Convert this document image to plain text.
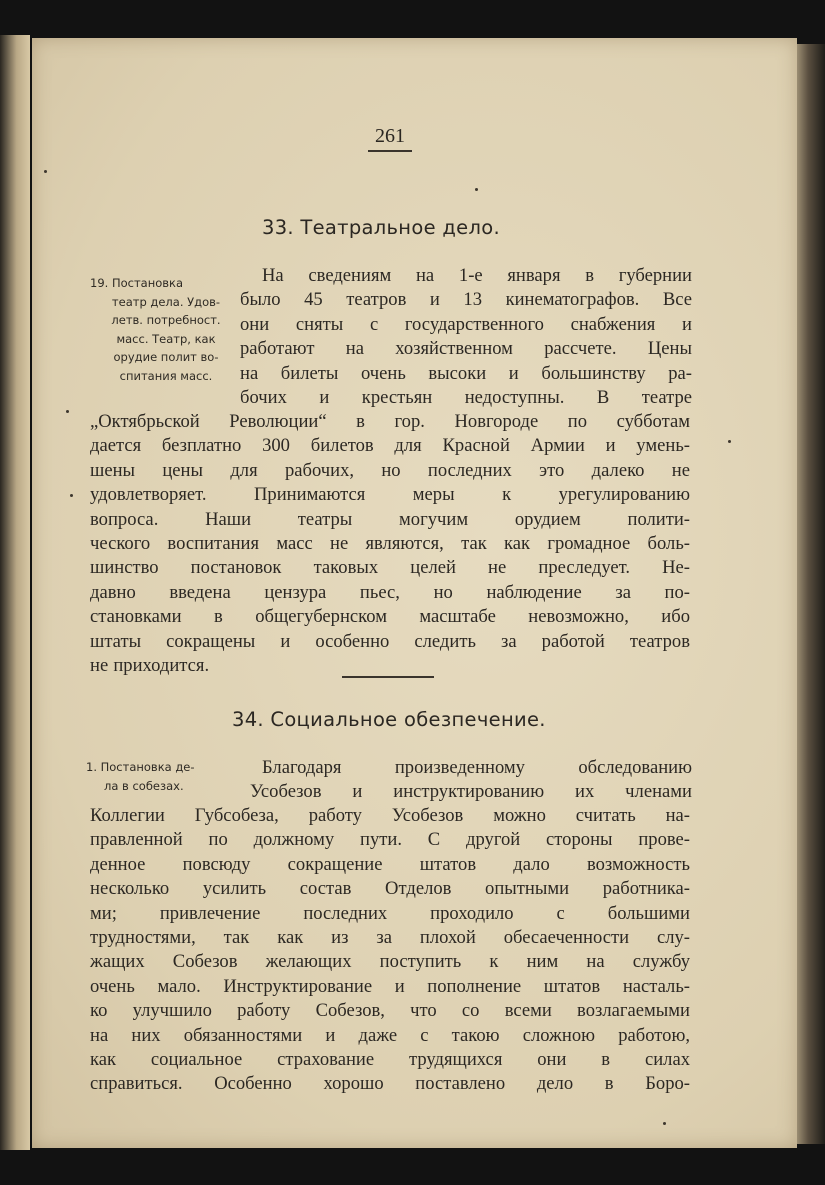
261
33. Театральное дело.
19. Постановка
театр дела. Удов-
летв. потребност.
масс. Театр, как
орудие полит во-
спитания масс.
На сведениям на 1-е января в губернии
было 45 театров и 13 кинематографов. Все
они сняты с государственного снабжения и
работают на хозяйственном рассчете. Цены
на билеты очень высоки и большинству ра-
бочих и крестьян недоступны. В театре
„Октябрьской Революции“ в гор. Новгороде по субботам
дается безплатно 300 билетов для Красной Армии и умень-
шены цены для рабочих, но последних это далеко не
удовлетворяет. Принимаются меры к урегулированию
вопроса. Наши театры могучим орудием полити-
ческого воспитания масс не являются, так как громадное боль-
шинство постановок таковых целей не преследует. Не-
давно введена цензура пьес, но наблюдение за по-
становками в общегубернском масштабе невозможно, ибо
штаты сокращены и особенно следить за работой театров
не приходится.
34. Социальное обезпечение.
1. Постановка де-
ла в собезах.
Благодаря произведенному обследованию
Усобезов и инструктированию их членами
Коллегии Губсобеза, работу Усобезов можно считать на-
правленной по должному пути. С другой стороны прове-
денное повсюду сокращение штатов дало возможность
несколько усилить состав Отделов опытными работника-
ми; привлечение последних проходило с большими
трудностями, так как из за плохой обесаеченности слу-
жащих Собезов желающих поступить к ним на службу
очень мало. Инструктирование и пополнение штатов насталь-
ко улучшило работу Собезов, что со всеми возлагаемыми
на них обязанностями и даже с такою сложною работою,
как социальное страхование трудящихся они в силах
справиться. Особенно хорошо поставлено дело в Боро-
